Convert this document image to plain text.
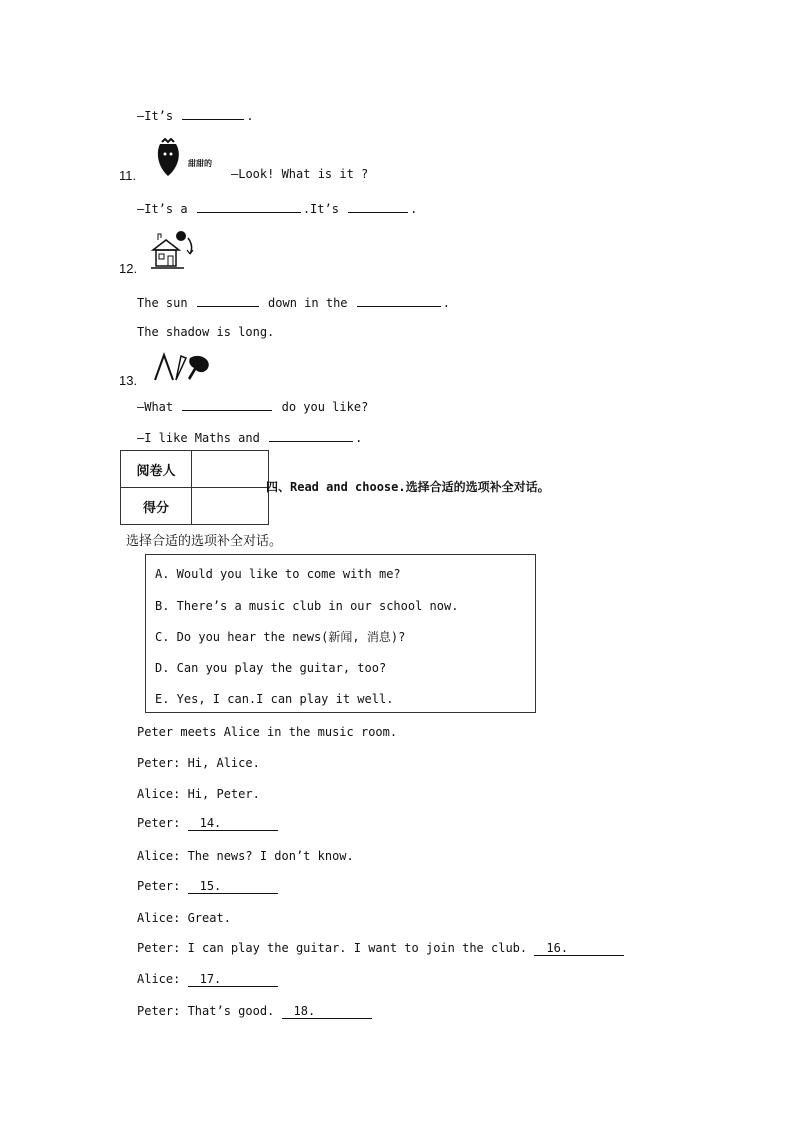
—It’s	.
11.
甜甜的
—Look! What is it ?
—It’s a	.It’s	.
12.
The sun	down in the	.
The shadow is long.
13.
—What	do you like?
—I like Maths and	.
阅卷人	
得分	
四、Read and choose.选择合适的选项补全对话。
选择合适的选项补全对话。
A. Would you like to come with me?
B. There’s a music club in our school now.
C. Do you hear the news(新闻, 消息)?
D. Can you play the guitar, too?
E. Yes, I can.I can play it well.
Peter meets Alice in the music room.
Peter: Hi, Alice.
Alice: Hi, Peter.
Peter: 14.
Alice: The news? I don’t know.
Peter: 15.
Alice: Great.
Peter: I can play the guitar. I want to join the club. 16.
Alice: 17.
Peter: That’s good. 18.
